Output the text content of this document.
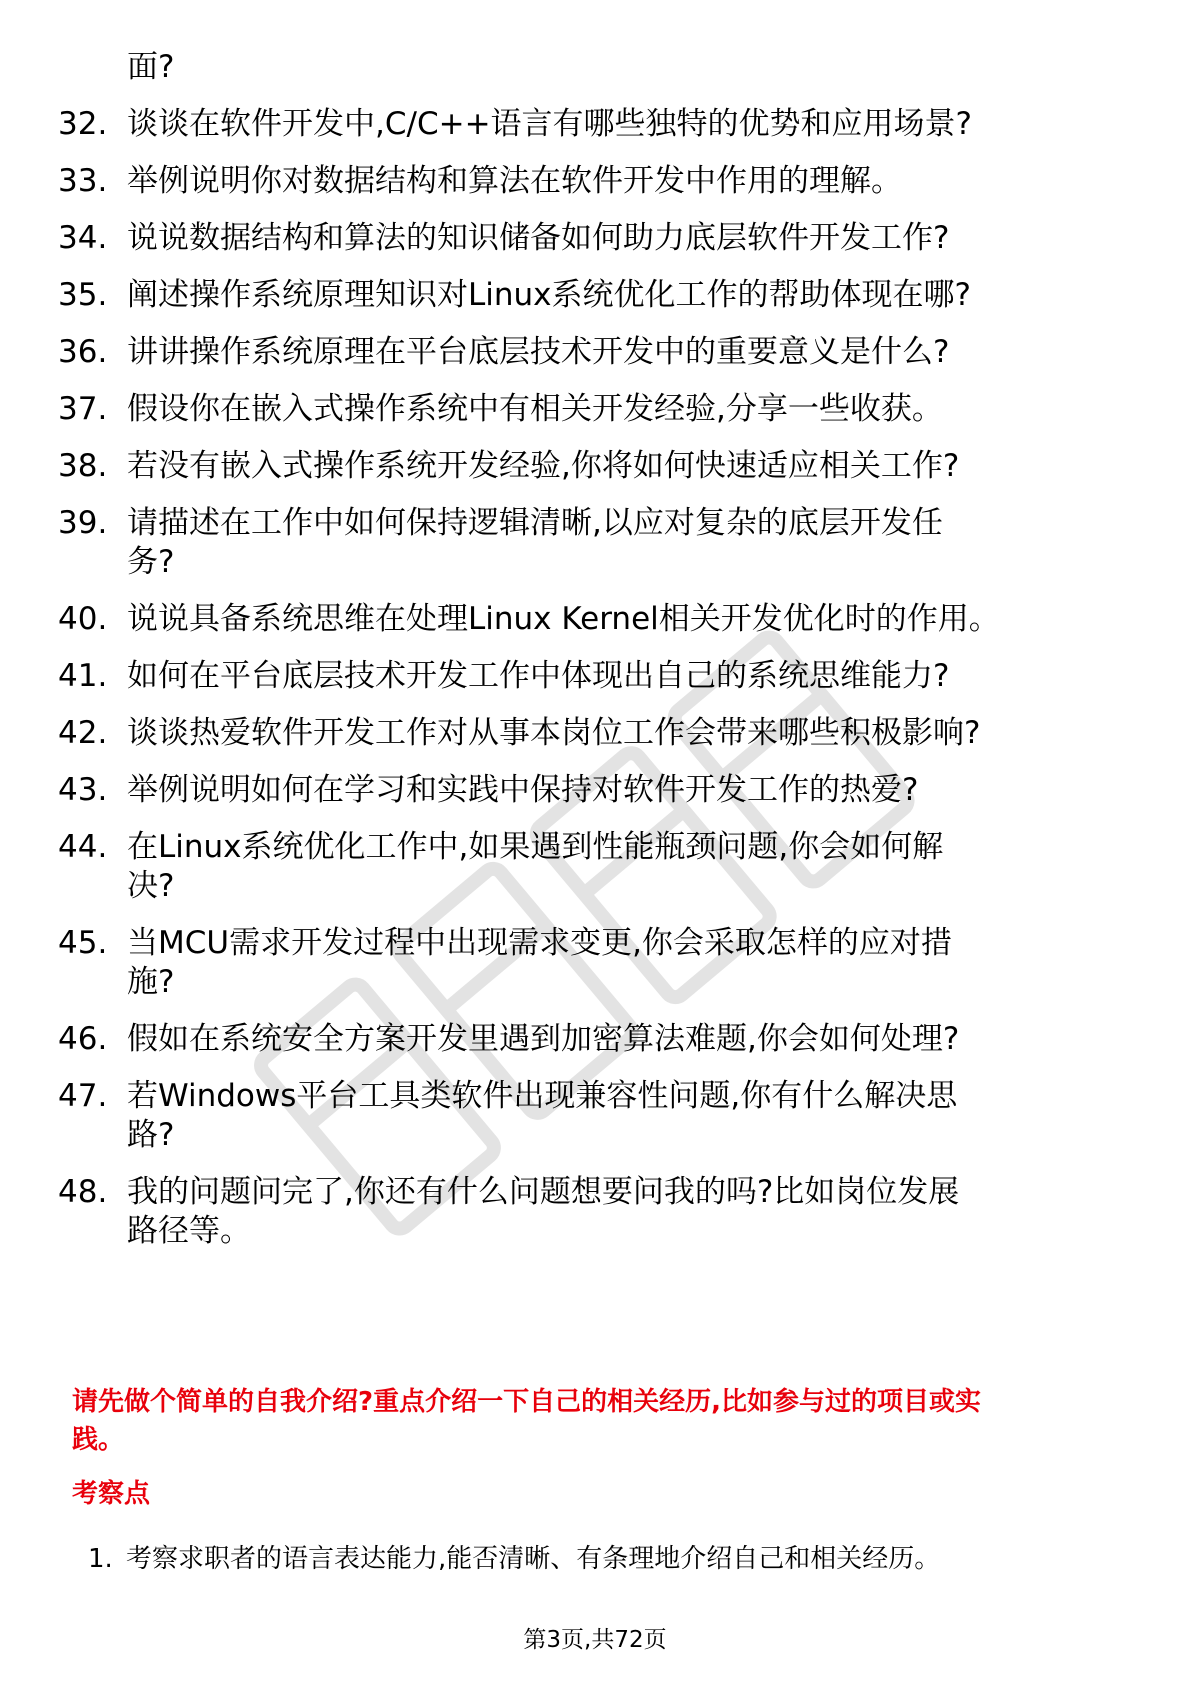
面?
32. 谈谈在软件开发中,C/C++语言有哪些独特的优势和应用场景?
33. 举例说明你对数据结构和算法在软件开发中作用的理解。
34. 说说数据结构和算法的知识储备如何助力底层软件开发工作?
35. 阐述操作系统原理知识对Linux系统优化工作的帮助体现在哪?
36. 讲讲操作系统原理在平台底层技术开发中的重要意义是什么?
37. 假设你在嵌入式操作系统中有相关开发经验,分享一些收获。
38. 若没有嵌入式操作系统开发经验,你将如何快速适应相关工作?
39. 请描述在工作中如何保持逻辑清晰,以应对复杂的底层开发任
务?
40. 说说具备系统思维在处理Linux Kernel相关开发优化时的作用。
41. 如何在平台底层技术开发工作中体现出自己的系统思维能力?
42. 谈谈热爱软件开发工作对从事本岗位工作会带来哪些积极影响?
43. 举例说明如何在学习和实践中保持对软件开发工作的热爱?
44. 在Linux系统优化工作中,如果遇到性能瓶颈问题,你会如何解
决?
45. 当MCU需求开发过程中出现需求变更,你会采取怎样的应对措
施?
46. 假如在系统安全方案开发里遇到加密算法难题,你会如何处理?
47. 若Windows平台工具类软件出现兼容性问题,你有什么解决思
路?
48. 我的问题问完了,你还有什么问题想要问我的吗?比如岗位发展
路径等。
请先做个简单的自我介绍?重点介绍一下自己的相关经历,比如参与过的项目或实
践。
考察点
1. 考察求职者的语言表达能力,能否清晰、有条理地介绍自己和相关经历。
第3页,共72页
